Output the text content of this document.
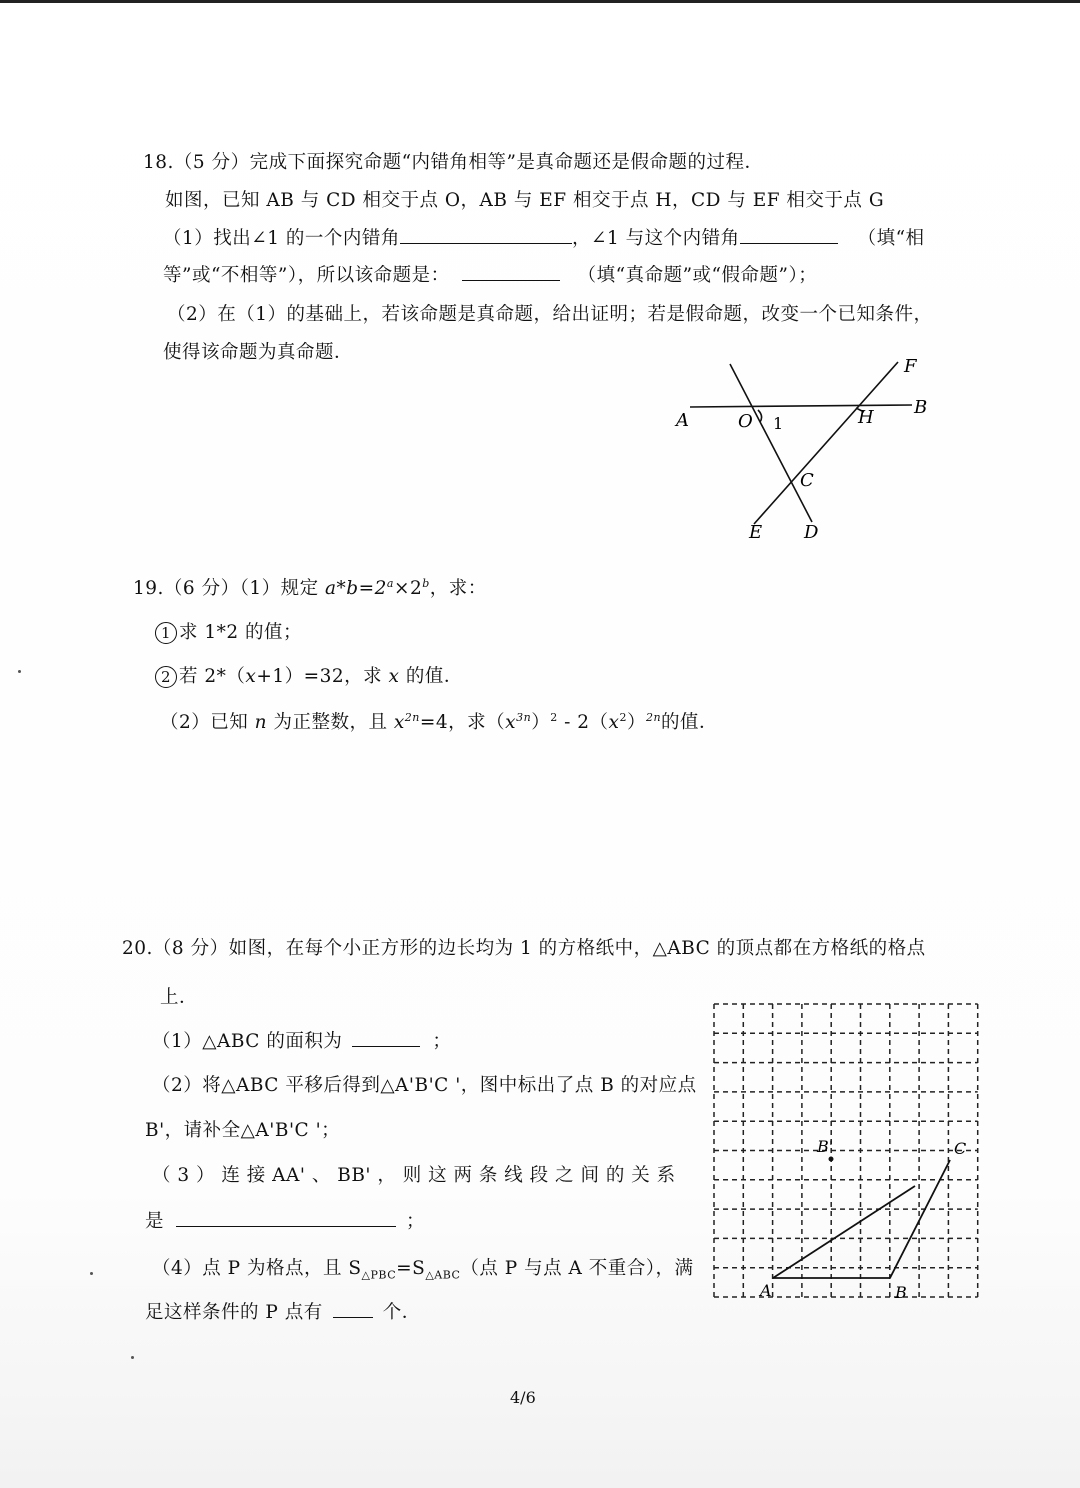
18.（5 分）完成下面探究命题“内错角相等”是真命题还是假命题的过程．
如图，已知 AB 与 CD 相交于点 O，AB 与 EF 相交于点 H，CD 与 EF 相交于点 G
（1）找出∠1 的一个内错角	，∠1 与这个内错角	（填“相
等”或“不相等”），所以该命题是：	（填“真命题”或“假命题”）；
（2）在（1）的基础上，若该命题是真命题，给出证明；若是假命题，改变一个已知条件，
使得该命题为真命题．
A	O 1	H B
F
C
E D
19.（6 分）（1）规定 $a*b=2^a\times 2^b$，求：
1 求 1*2 的值；
2 若 2*（x+1）=32，求 x 的值．
（2）已知 n 为正整数，且 $x^{2n}=4$，求$(x^{3n})^2 - 2(x^2)^{2n}$的值．
20.（8 分）如图，在每个小正方形的边长均为 1 的方格纸中，△ABC 的顶点都在方格纸的格点
上．
（1）△ABC 的面积为	；
（2）将△ABC 平移后得到△A'B'C '，图中标出了点 B 的对应点
B'，请补全△A'B'C '；
（ 3 ） 连 接 AA' 、 BB' ， 则 这 两 条 线 段 之 间 的 关 系
是	；
（4）点 P 为格点，且 $S_{\triangle PBC}=S_{\triangle ABC}$（点 P 与点 A 不重合），满
足这样条件的 P 点有	个．
A	B
C
B'
4/6
